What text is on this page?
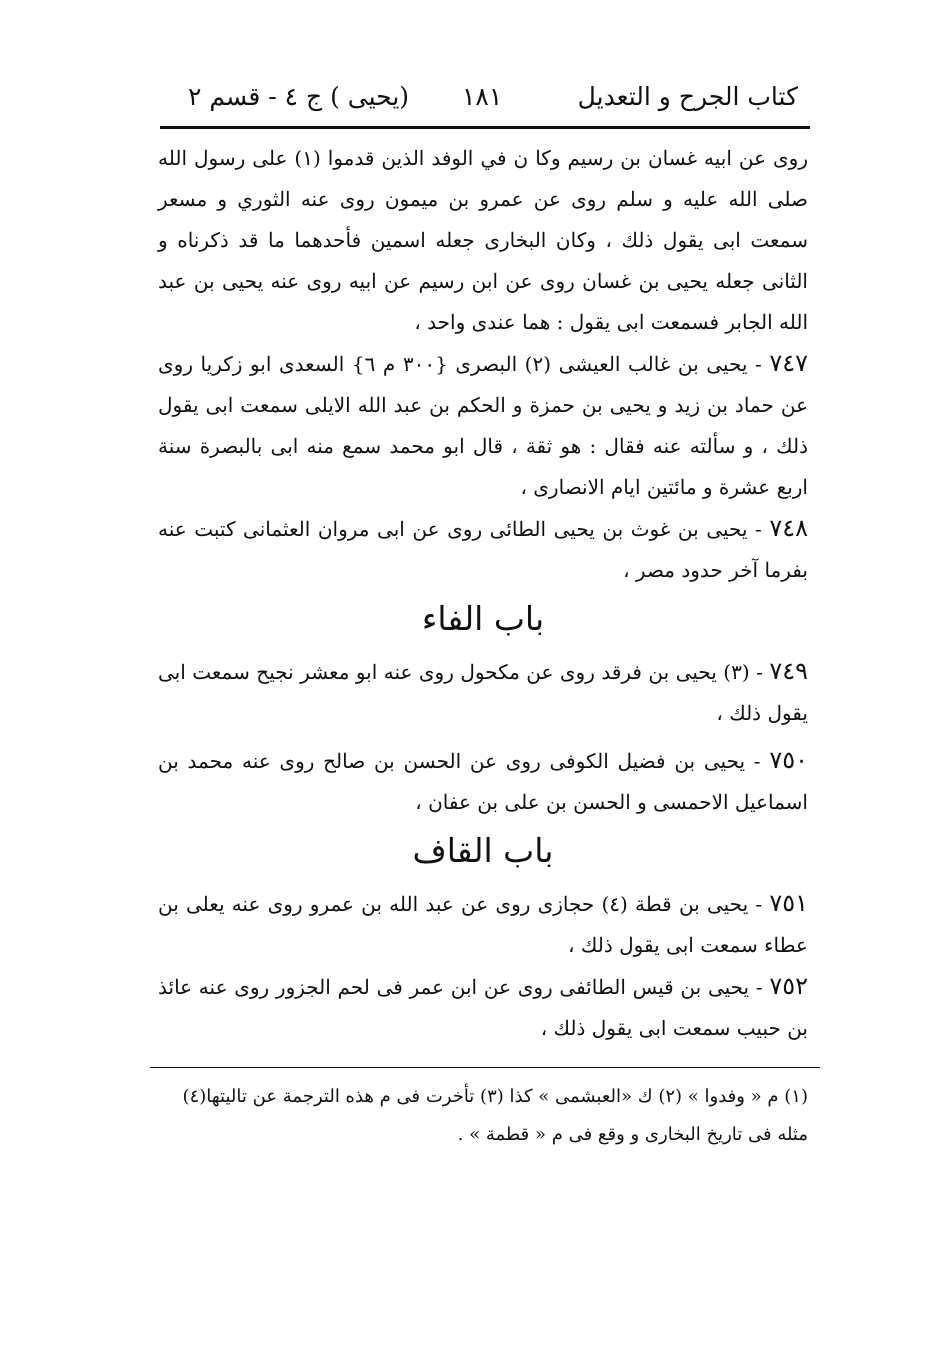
كتاب الجرح و التعديل
١٨١
(يحيى ) ج ٤ - قسم ٢

روى عن ابيه غسان بن رسيم وكا ن في الوفد الذين قدموا (١) على رسول الله صلى الله عليه و سلم روى عن عمرو بن ميمون روى عنه الثوري و مسعر سمعت ابى يقول ذلك ، وكان البخارى جعله اسمين فأحدهما ما قد ذكرناه و الثانى جعله يحيى بن غسان روى عن ابن رسيم عن ابيه روى عنه يحيى بن عبد الله الجابر فسمعت ابى يقول : هما عندى واحد ،

٧٤٧ - يحيى بن غالب العيشى (٢) البصرى {٣٠٠ م ٦} السعدى ابو زكريا روى عن حماد بن زيد و يحيى بن حمزة و الحكم بن عبد الله الايلى سمعت ابى يقول ذلك ، و سألته عنه فقال : هو ثقة ، قال ابو محمد سمع منه ابى بالبصرة سنة اربع عشرة و مائتين ايام الانصارى ،

٧٤٨ - يحيى بن غوث بن يحيى الطائى روى عن ابى مروان العثمانى كتبت عنه بفرما آخر حدود مصر ،

باب الفاء

٧٤٩ - (٣) يحيى بن فرقد روى عن مكحول روى عنه ابو معشر نجيح سمعت ابى يقول ذلك ،

٧٥٠ - يحيى بن فضيل الكوفى روى عن الحسن بن صالح روى عنه محمد بن اسماعيل الاحمسى و الحسن بن على بن عفان ،

باب القاف

٧٥١ - يحيى بن قطة (٤) حجازى روى عن عبد الله بن عمرو روى عنه يعلى بن عطاء سمعت ابى يقول ذلك ،

٧٥٢ - يحيى بن قيس الطائفى روى عن ابن عمر فى لحم الجزور روى عنه عائذ بن حبيب سمعت ابى يقول ذلك ،

(١) م « وفدوا » (٢) ك «العبشمى » كذا (٣) تأخرت فى م هذه الترجمة عن تاليتها(٤) مثله فى تاريخ البخارى و وقع فى م « قطمة » .
